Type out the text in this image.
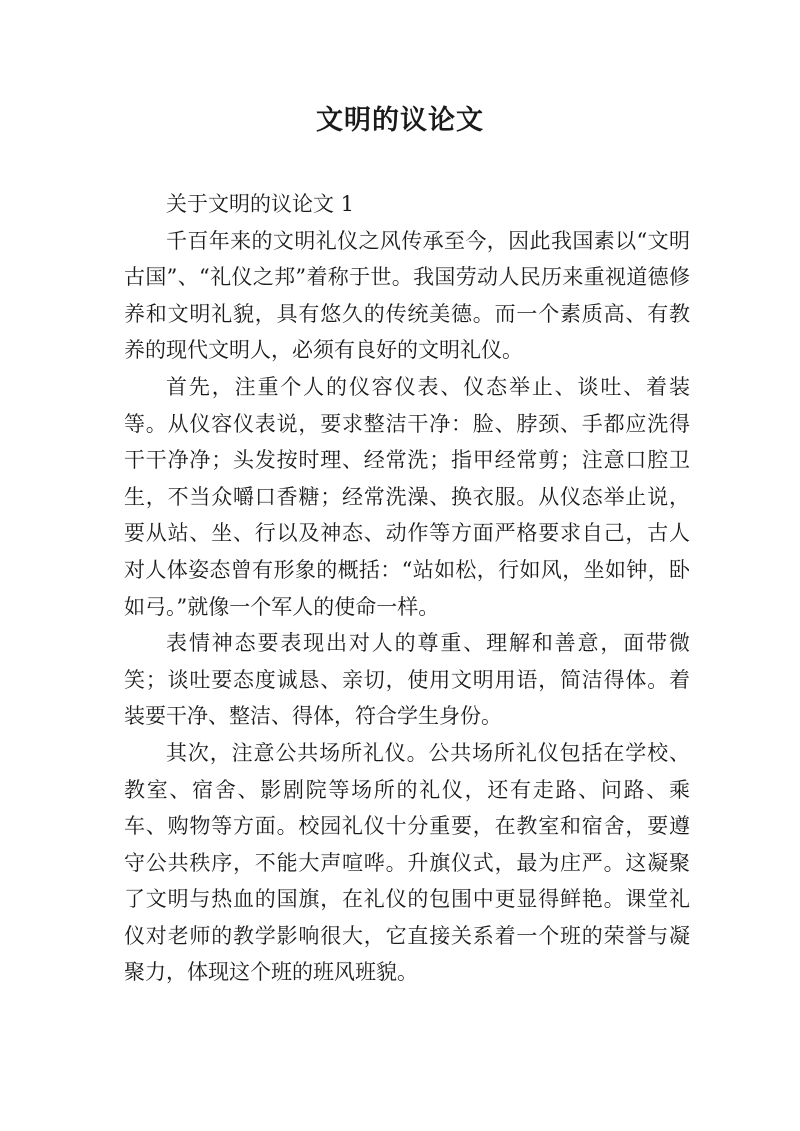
文明的议论文

关于文明的议论文 1

千百年来的文明礼仪之风传承至今，因此我国素以“文明古国”、“礼仪之邦”着称于世。我国劳动人民历来重视道德修养和文明礼貌，具有悠久的传统美德。而一个素质高、有教养的现代文明人，必须有良好的文明礼仪。

首先，注重个人的仪容仪表、仪态举止、谈吐、着装等。从仪容仪表说，要求整洁干净：脸、脖颈、手都应洗得干干净净；头发按时理、经常洗；指甲经常剪；注意口腔卫生，不当众嚼口香糖；经常洗澡、换衣服。从仪态举止说，要从站、坐、行以及神态、动作等方面严格要求自己，古人对人体姿态曾有形象的概括：“站如松，行如风，坐如钟，卧如弓。”就像一个军人的使命一样。

表情神态要表现出对人的尊重、理解和善意，面带微笑；谈吐要态度诚恳、亲切，使用文明用语，简洁得体。着装要干净、整洁、得体，符合学生身份。

其次，注意公共场所礼仪。公共场所礼仪包括在学校、教室、宿舍、影剧院等场所的礼仪，还有走路、问路、乘车、购物等方面。校园礼仪十分重要，在教室和宿舍，要遵守公共秩序，不能大声喧哗。升旗仪式，最为庄严。这凝聚了文明与热血的国旗，在礼仪的包围中更显得鲜艳。课堂礼仪对老师的教学影响很大，它直接关系着一个班的荣誉与凝聚力，体现这个班的班风班貌。
